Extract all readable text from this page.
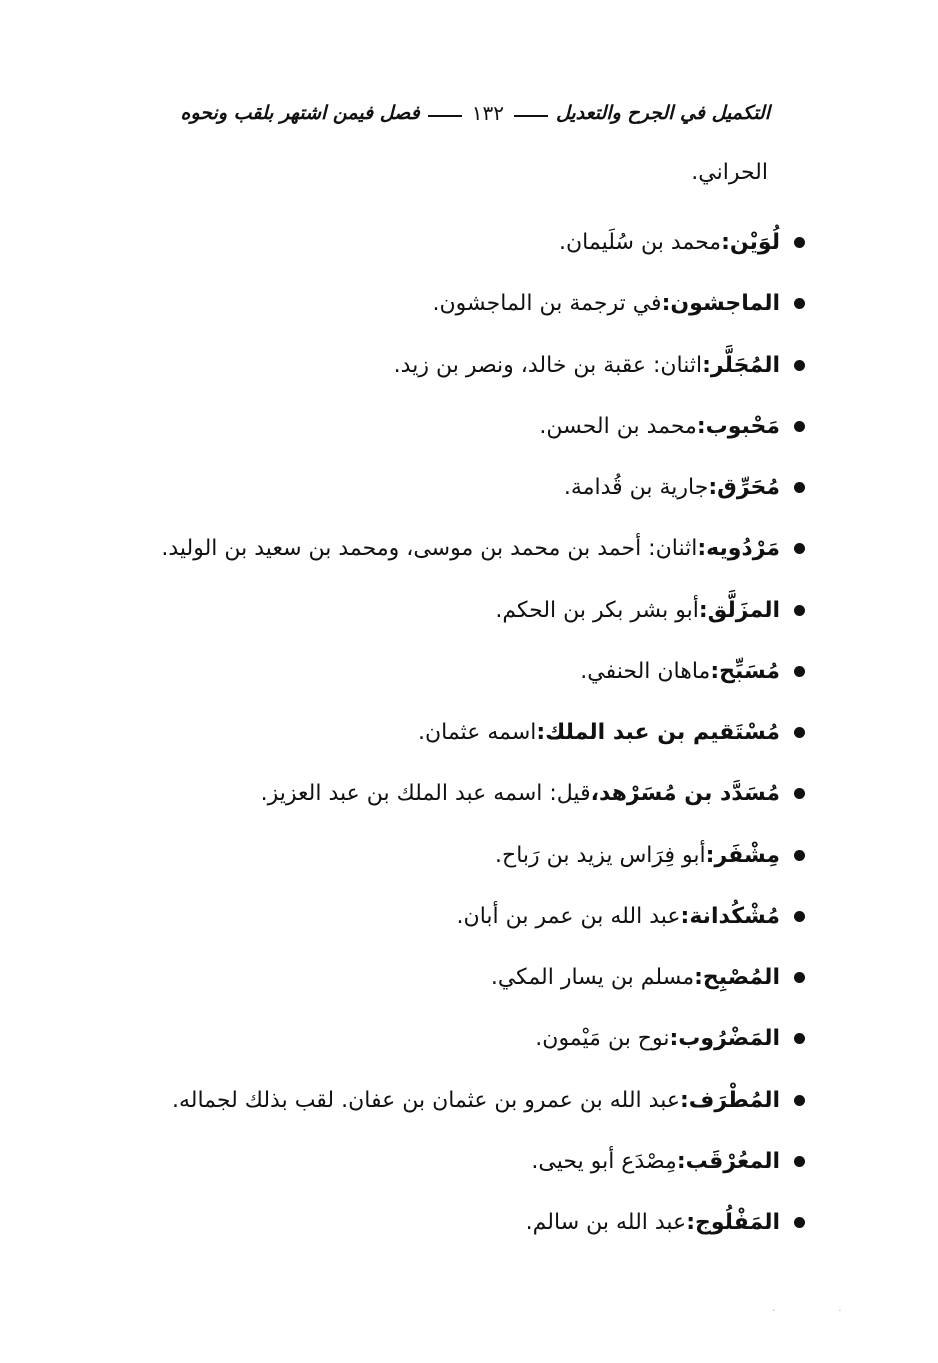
التكميل في الجرح والتعديل
١٣٢
فصل فيمن اشتهر بلقب ونحوه
الحراني.
لُوَيْن:
محمد بن سُلَيمان.
الماجشون:
في ترجمة بن الماجشون.
المُجَلَّر:
اثنان: عقبة بن خالد، ونصر بن زيد.
مَحْبوب:
محمد بن الحسن.
مُحَرِّق:
جارية بن قُدامة.
مَرْدُويه:
اثنان: أحمد بن محمد بن موسى، ومحمد بن سعيد بن الوليد.
المزَلَّق:
أبو بشر بكر بن الحكم.
مُسَبِّح:
ماهان الحنفي.
مُسْتَقيم بن عبد الملك:
اسمه عثمان.
مُسَدَّد بن مُسَرْهد،
قيل: اسمه عبد الملك بن عبد العزيز.
مِشْفَر:
أبو فِرَاس يزيد بن رَباح.
مُشْكُدانة:
عبد الله بن عمر بن أبان.
المُصْبِح:
مسلم بن يسار المكي.
المَضْرُوب:
نوح بن مَيْمون.
المُطْرَف:
عبد الله بن عمرو بن عثمان بن عفان. لقب بذلك لجماله.
المعُرْقَب:
مِصْدَع أبو يحيى.
المَفْلُوج:
عبد الله بن سالم.
· ·
